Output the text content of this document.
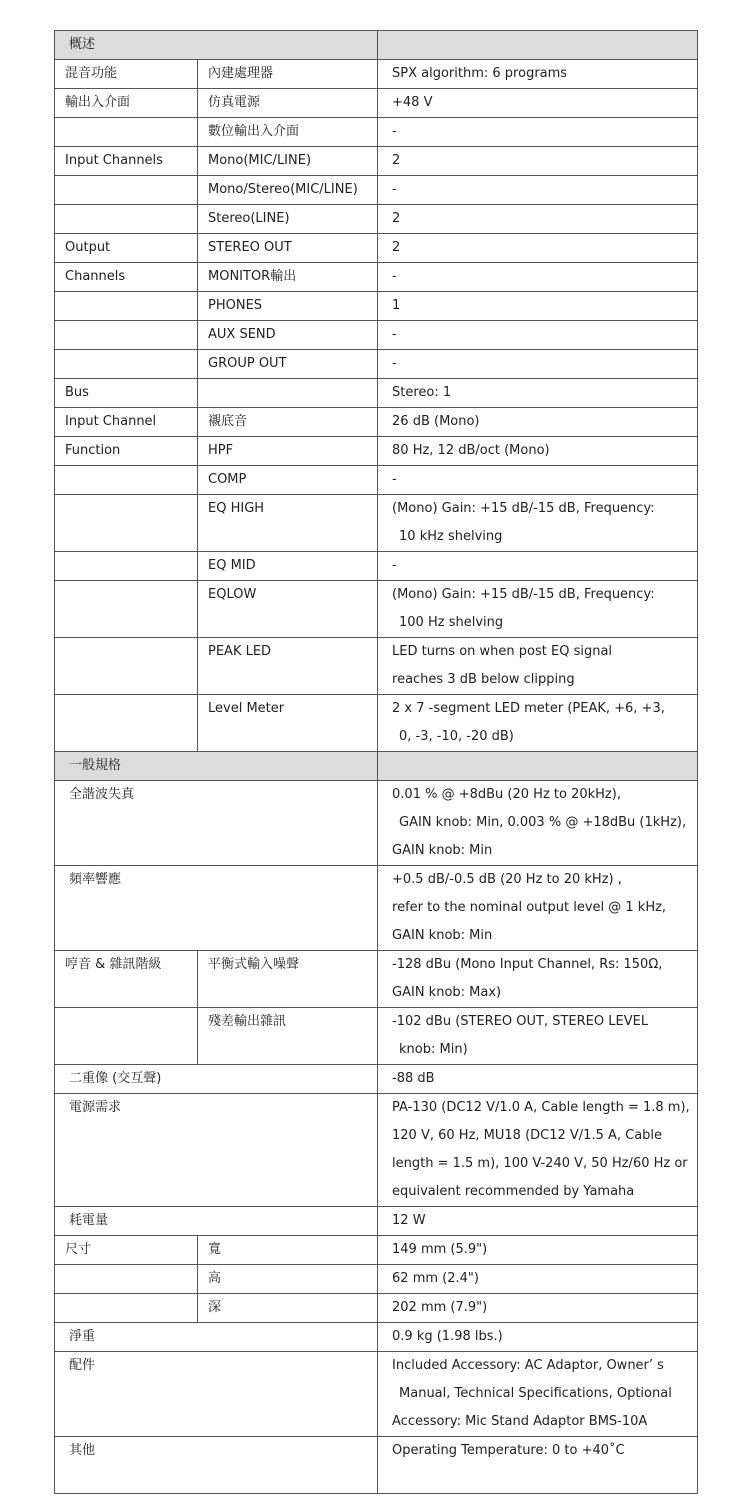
概述	

混音功能	內建處理器	SPX algorithm: 6 programs

輸出入介面	仿真電源	+48 V

	數位輸出入介面	-

Input Channels	Mono(MIC/LINE)	2

	Mono/Stereo(MIC/LINE)	-

	Stereo(LINE)	2

Output	STEREO OUT	2

Channels	MONITOR輸出	-

	PHONES	1

	AUX SEND	-

	GROUP OUT	-

Bus		Stereo: 1

Input Channel	襯底音	26 dB (Mono)

Function	HPF	80 Hz, 12 dB/oct (Mono)

	COMP	-

	EQ HIGH	(Mono) Gain: +15 dB/-15 dB, Frequency:
10 kHz shelving

	EQ MID	-

	EQLOW	(Mono) Gain: +15 dB/-15 dB, Frequency:
100 Hz shelving

	PEAK LED	LED turns on when post EQ signal
reaches 3 dB below clipping

	Level Meter	2 x 7 -segment LED meter (PEAK, +6, +3,
0, -3, -10, -20 dB)

一般規格	

全諧波失真		0.01 % @ +8dBu (20 Hz to 20kHz),
GAIN knob: Min, 0.003 % @ +18dBu (1kHz),
GAIN knob: Min

頻率響應		+0.5 dB/-0.5 dB (20 Hz to 20 kHz) ,
refer to the nominal output level @ 1 kHz,
GAIN knob: Min

哼音 & 雜訊階級	平衡式輸入噪聲	-128 dBu (Mono Input Channel, Rs: 150Ω,
GAIN knob: Max)

	殘差輸出雜訊	-102 dBu (STEREO OUT, STEREO LEVEL
knob: Min)

二重像 (交互聲)		-88 dB

電源需求		PA-130 (DC12 V/1.0 A, Cable length = 1.8 m),
120 V, 60 Hz, MU18 (DC12 V/1.5 A, Cable
length = 1.5 m), 100 V-240 V, 50 Hz/60 Hz or
equivalent recommended by Yamaha

耗電量		12 W

尺寸	寬	149 mm (5.9")

	高	62 mm (2.4")

	深	202 mm (7.9")

淨重		0.9 kg (1.98 lbs.)

配件		Included Accessory: AC Adaptor, Owner’ s
Manual, Technical Specifications, Optional
Accessory: Mic Stand Adaptor BMS-10A

其他		Operating Temperature: 0 to +40˚C
